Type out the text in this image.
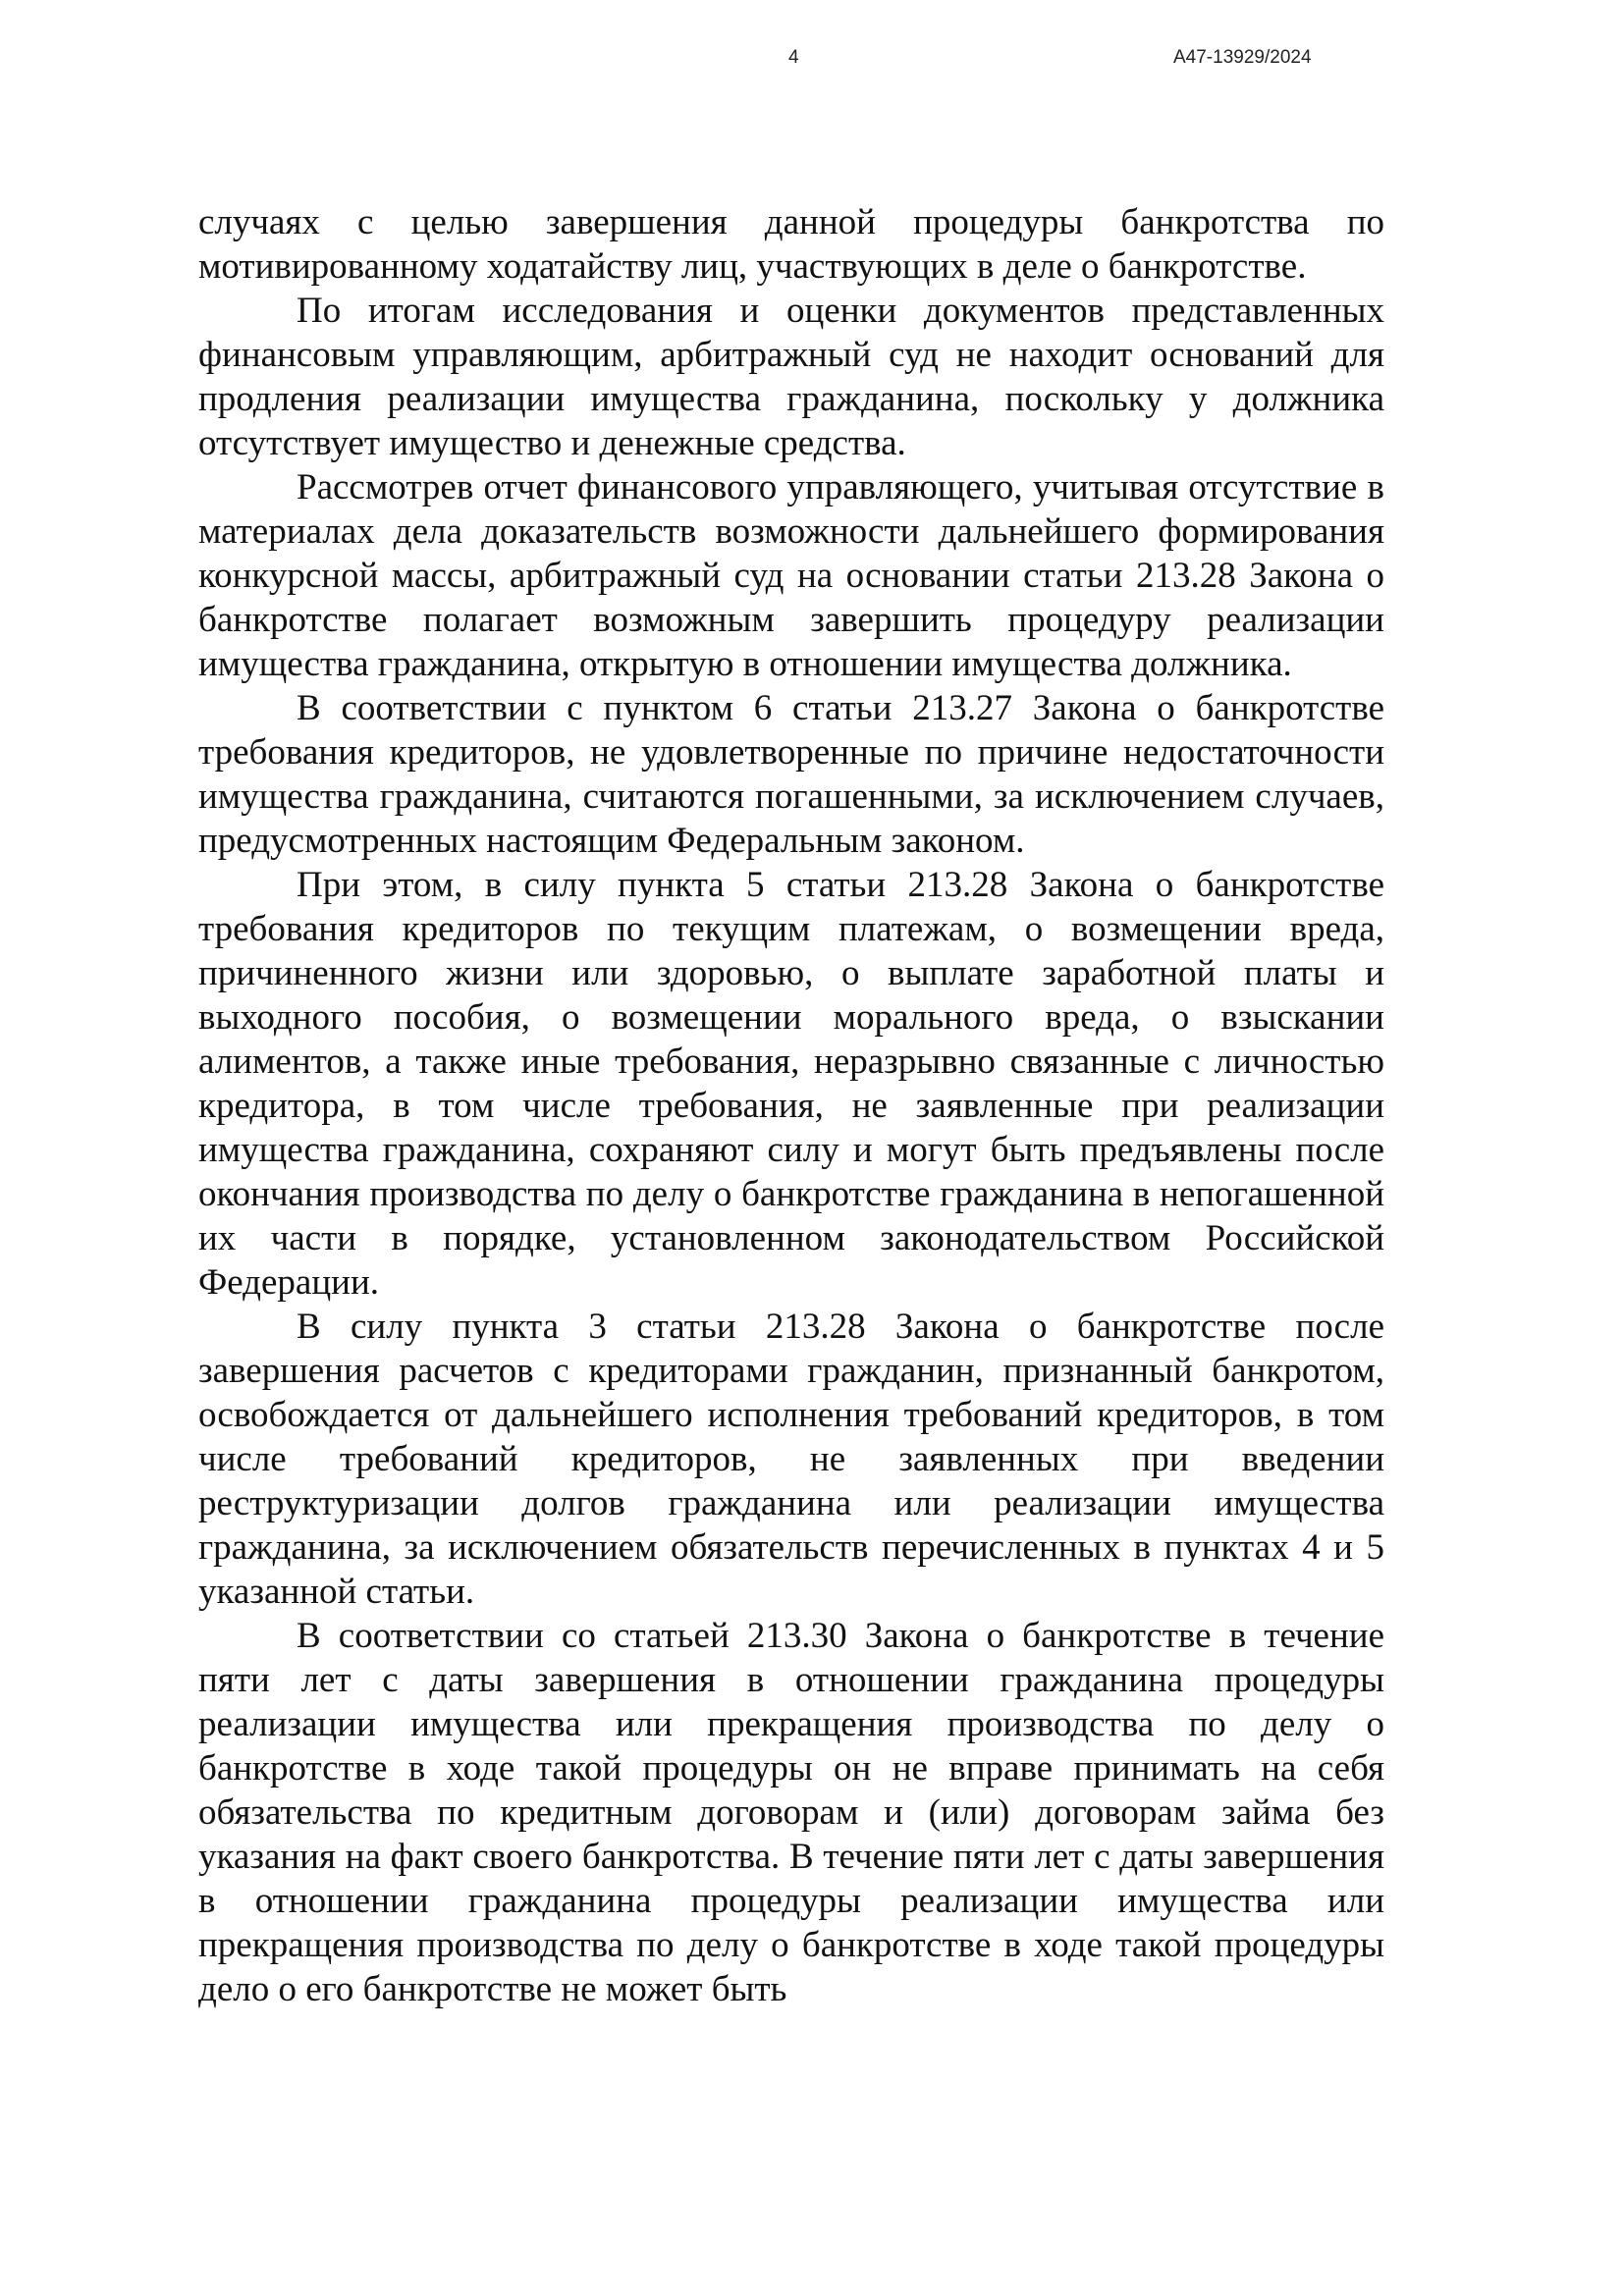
4	А47-13929/2024

случаях с целью завершения данной процедуры банкротства по мотивированному ходатайству лиц, участвующих в деле о банкротстве.

По итогам исследования и оценки документов представленных финансовым управляющим, арбитражный суд не находит оснований для продления реализации имущества гражданина, поскольку у должника отсутствует имущество и денежные средства.

Рассмотрев отчет финансового управляющего, учитывая отсутствие в материалах дела доказательств возможности дальнейшего формирования конкурсной массы, арбитражный суд на основании статьи 213.28 Закона о банкротстве полагает возможным завершить процедуру реализации имущества гражданина, открытую в отношении имущества должника.

В соответствии с пунктом 6 статьи 213.27 Закона о банкротстве требования кредиторов, не удовлетворенные по причине недостаточности имущества гражданина, считаются погашенными, за исключением случаев, предусмотренных настоящим Федеральным законом.

При этом, в силу пункта 5 статьи 213.28 Закона о банкротстве требования кредиторов по текущим платежам, о возмещении вреда, причиненного жизни или здоровью, о выплате заработной платы и выходного пособия, о возмещении морального вреда, о взыскании алиментов, а также иные требования, неразрывно связанные с личностью кредитора, в том числе требования, не заявленные при реализации имущества гражданина, сохраняют силу и могут быть предъявлены после окончания производства по делу о банкротстве гражданина в непогашенной их части в порядке, установленном законодательством Российской Федерации.

В силу пункта 3 статьи 213.28 Закона о банкротстве после завершения расчетов с кредиторами гражданин, признанный банкротом, освобождается от дальнейшего исполнения требований кредиторов, в том числе требований кредиторов, не заявленных при введении реструктуризации долгов гражданина или реализации имущества гражданина, за исключением обязательств перечисленных в пунктах 4 и 5 указанной статьи.

В соответствии со статьей 213.30 Закона о банкротстве в течение пяти лет с даты завершения в отношении гражданина процедуры реализации имущества или прекращения производства по делу о банкротстве в ходе такой процедуры он не вправе принимать на себя обязательства по кредитным договорам и (или) договорам займа без указания на факт своего банкротства. В течение пяти лет с даты завершения в отношении гражданина процедуры реализации имущества или прекращения производства по делу о банкротстве в ходе такой процедуры дело о его банкротстве не может быть
